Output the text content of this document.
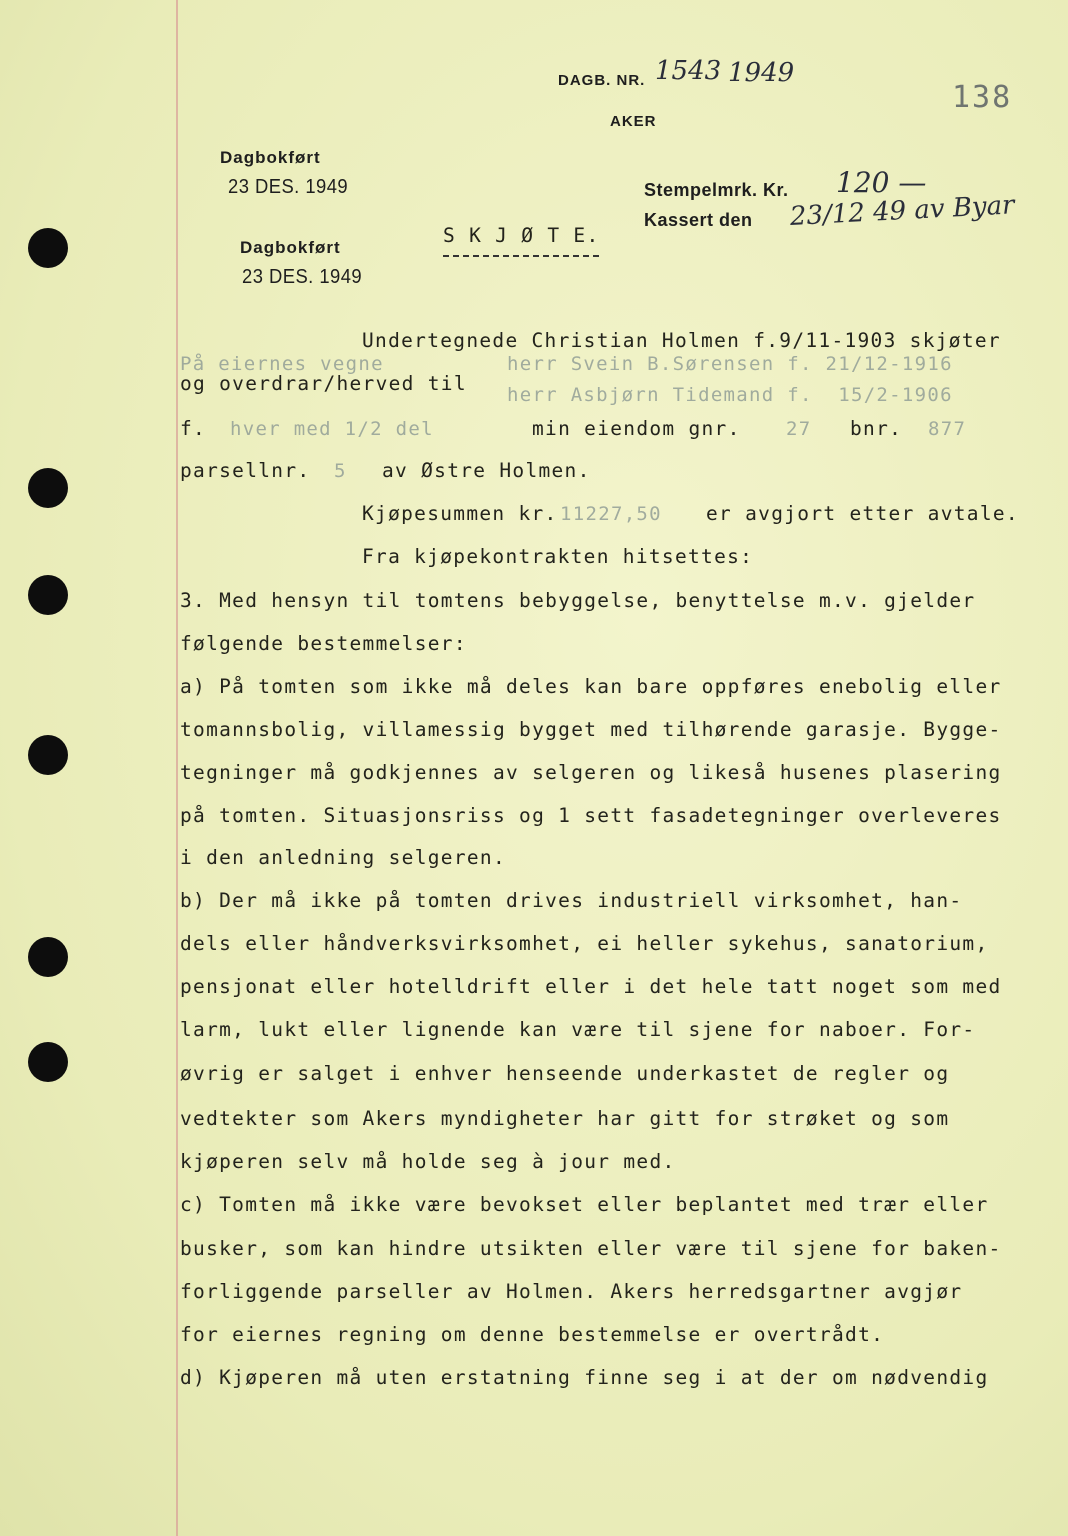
DAGB. NR. 1543 1949
AKER
138
Dagbokført
23 DES. 1949
Dagbokført
23 DES. 1949
Stempelmrk. Kr. 120 —
Kassert den 23/12 49 av Byar
S K J Ø T E.
På eiernes vegne	herr Svein B.Sørensen f. 21/12-1916
herr Asbjørn Tidemand f.  15/2-1906
hver med 1/2 del	27	877
5
11227,50
Undertegnede Christian Holmen f.9/11-1903 skjøter
og overdrar/herved til
f.	min eiendom gnr.	bnr.
parsellnr.	av Østre Holmen.
Kjøpesummen kr.	er avgjort etter avtale.
Fra kjøpekontrakten hitsettes:
3. Med hensyn til tomtens bebyggelse, benyttelse m.v. gjelder
følgende bestemmelser:
a) På tomten som ikke må deles kan bare oppføres enebolig eller
tomannsbolig, villamessig bygget med tilhørende garasje. Bygge-
tegninger må godkjennes av selgeren og likeså husenes plasering
på tomten. Situasjonsriss og 1 sett fasadetegninger overleveres
i den anledning selgeren.
b) Der må ikke på tomten drives industriell virksomhet, han-
dels eller håndverksvirksomhet, ei heller sykehus, sanatorium,
pensjonat eller hotelldrift eller i det hele tatt noget som med
larm, lukt eller lignende kan være til sjene for naboer. For-
øvrig er salget i enhver henseende underkastet de regler og
vedtekter som Akers myndigheter har gitt for strøket og som
kjøperen selv må holde seg à jour med.
c) Tomten må ikke være bevokset eller beplantet med trær eller
busker, som kan hindre utsikten eller være til sjene for baken-
forliggende parseller av Holmen. Akers herredsgartner avgjør
for eiernes regning om denne bestemmelse er overtrådt.
d) Kjøperen må uten erstatning finne seg i at der om nødvendig
